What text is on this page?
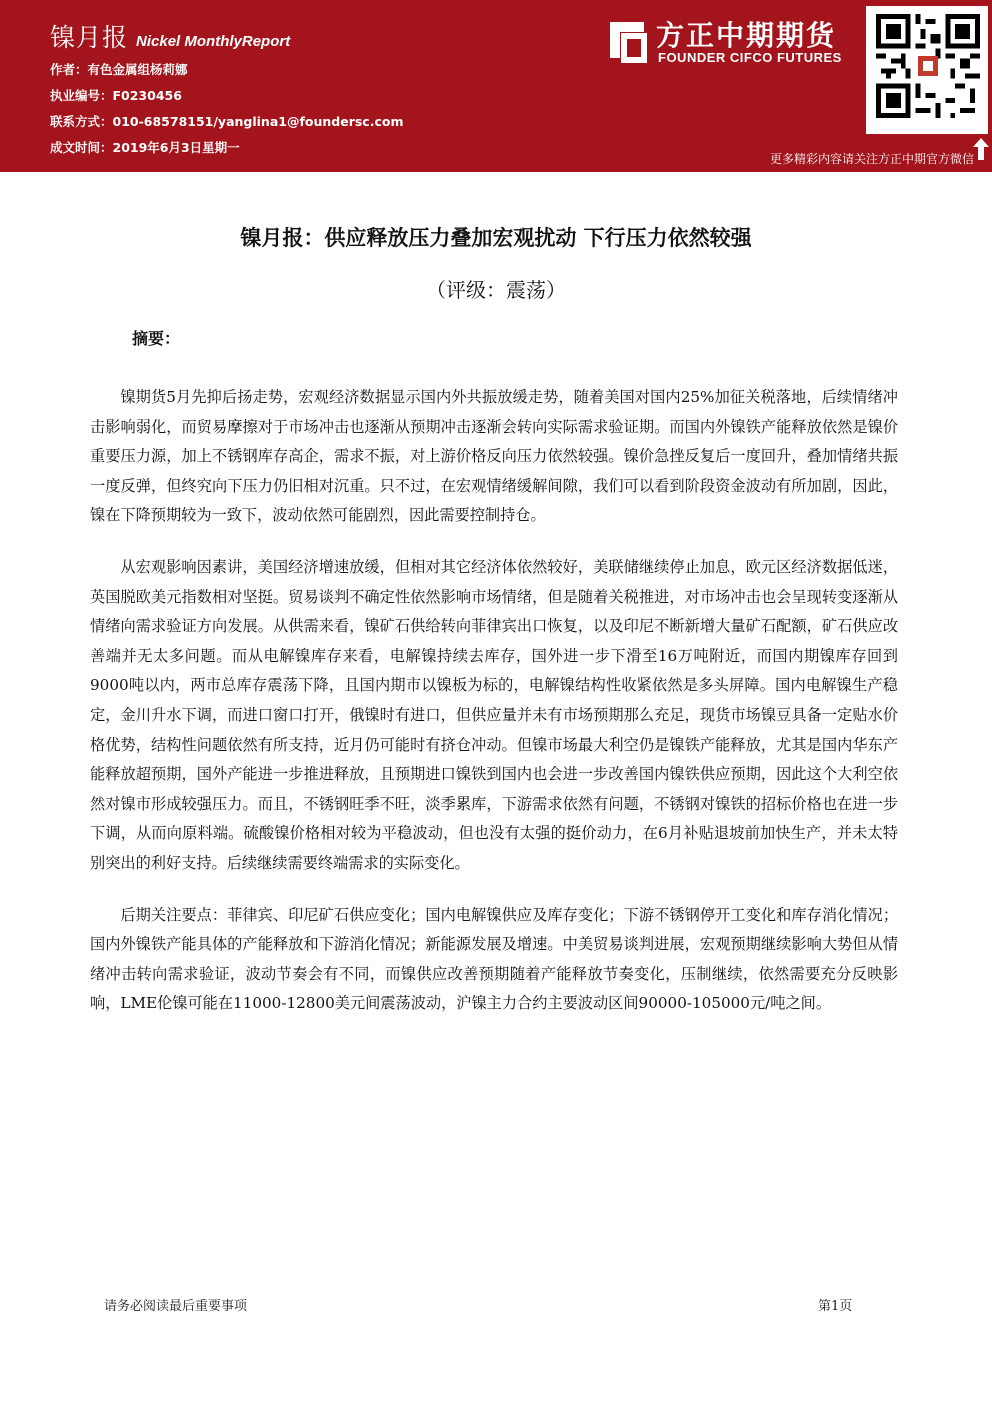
镍月报 Nickel MonthlyReport
作者：有色金属组杨莉娜
执业编号：F0230456
联系方式：010-68578151/yanglina1@foundersc.com
成文时间：2019年6月3日星期一
方正中期期货
FOUNDER CIFCO FUTURES
更多精彩内容请关注方正中期官方微信
镍月报：供应释放压力叠加宏观扰动 下行压力依然较强
（评级：震荡）
摘要：

镍期货5月先抑后扬走势，宏观经济数据显示国内外共振放缓走势，随着美国对国内25%加征关税落地，后续情绪冲击影响弱化，而贸易摩擦对于市场冲击也逐渐从预期冲击逐渐会转向实际需求验证期。而国内外镍铁产能释放依然是镍价重要压力源，加上不锈钢库存高企，需求不振，对上游价格反向压力依然较强。镍价急挫反复后一度回升，叠加情绪共振一度反弹，但终究向下压力仍旧相对沉重。只不过，在宏观情绪缓解间隙，我们可以看到阶段资金波动有所加剧，因此，镍在下降预期较为一致下，波动依然可能剧烈，因此需要控制持仓。

从宏观影响因素讲，美国经济增速放缓，但相对其它经济体依然较好，美联储继续停止加息，欧元区经济数据低迷，英国脱欧美元指数相对坚挺。贸易谈判不确定性依然影响市场情绪，但是随着关税推进，对市场冲击也会呈现转变逐渐从情绪向需求验证方向发展。从供需来看，镍矿石供给转向菲律宾出口恢复，以及印尼不断新增大量矿石配额，矿石供应改善端并无太多问题。而从电解镍库存来看，电解镍持续去库存，国外进一步下滑至16万吨附近，而国内期镍库存回到9000吨以内，两市总库存震荡下降，且国内期市以镍板为标的，电解镍结构性收紧依然是多头屏障。国内电解镍生产稳定，金川升水下调，而进口窗口打开，俄镍时有进口，但供应量并未有市场预期那么充足，现货市场镍豆具备一定贴水价格优势，结构性问题依然有所支持，近月仍可能时有挤仓冲动。但镍市场最大利空仍是镍铁产能释放，尤其是国内华东产能释放超预期，国外产能进一步推进释放，且预期进口镍铁到国内也会进一步改善国内镍铁供应预期，因此这个大利空依然对镍市形成较强压力。而且，不锈钢旺季不旺，淡季累库，下游需求依然有问题，不锈钢对镍铁的招标价格也在进一步下调，从而向原料端。硫酸镍价格相对较为平稳波动，但也没有太强的挺价动力，在6月补贴退坡前加快生产，并未太特别突出的利好支持。后续继续需要终端需求的实际变化。

后期关注要点：菲律宾、印尼矿石供应变化；国内电解镍供应及库存变化；下游不锈钢停开工变化和库存消化情况；国内外镍铁产能具体的产能释放和下游消化情况；新能源发展及增速。中美贸易谈判进展，宏观预期继续影响大势但从情绪冲击转向需求验证，波动节奏会有不同，而镍供应改善预期随着产能释放节奏变化，压制继续，依然需要充分反映影响，LME伦镍可能在11000-12800美元间震荡波动，沪镍主力合约主要波动区间90000-105000元/吨之间。

请务必阅读最后重要事项	第1页
